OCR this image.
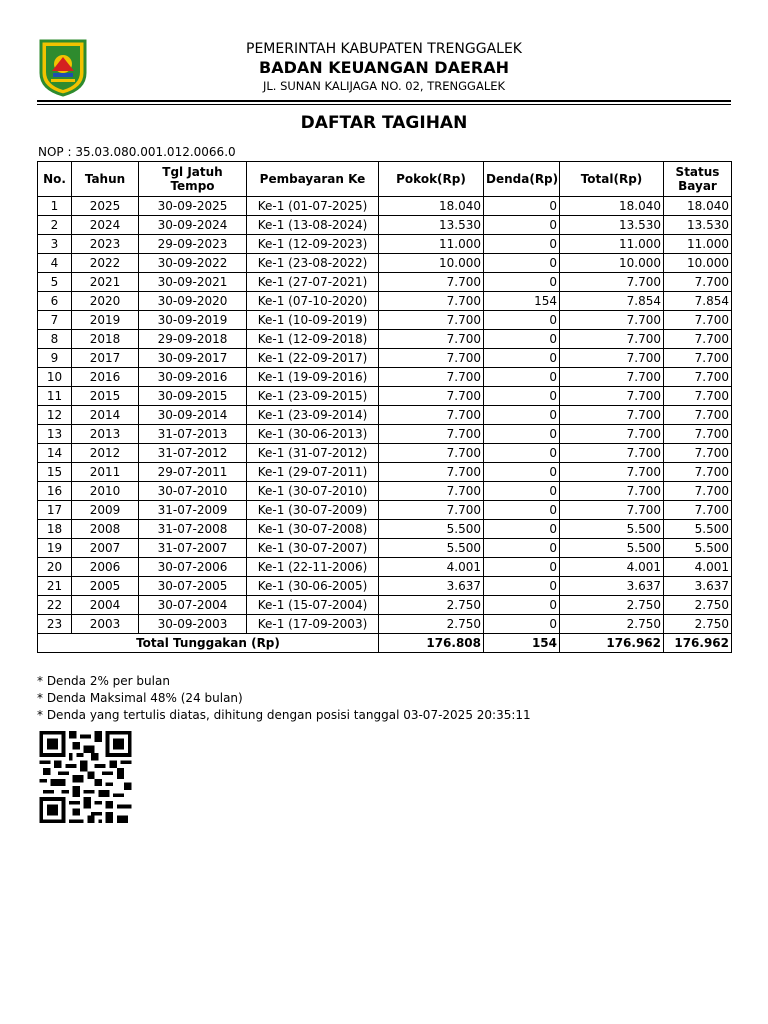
PEMERINTAH KABUPATEN TRENGGALEK
BADAN KEUANGAN DAERAH
JL. SUNAN KALIJAGA NO. 02, TRENGGALEK
DAFTAR TAGIHAN
NOP : 35.03.080.001.012.0066.0
No.	Tahun	Tgl Jatuh Tempo	Pembayaran Ke	Pokok(Rp)	Denda(Rp)	Total(Rp)	Status Bayar
1	2025	30-09-2025	Ke-1 (01-07-2025)	18.040	0	18.040	18.040
2	2024	30-09-2024	Ke-1 (13-08-2024)	13.530	0	13.530	13.530
3	2023	29-09-2023	Ke-1 (12-09-2023)	11.000	0	11.000	11.000
4	2022	30-09-2022	Ke-1 (23-08-2022)	10.000	0	10.000	10.000
5	2021	30-09-2021	Ke-1 (27-07-2021)	7.700	0	7.700	7.700
6	2020	30-09-2020	Ke-1 (07-10-2020)	7.700	154	7.854	7.854
7	2019	30-09-2019	Ke-1 (10-09-2019)	7.700	0	7.700	7.700
8	2018	29-09-2018	Ke-1 (12-09-2018)	7.700	0	7.700	7.700
9	2017	30-09-2017	Ke-1 (22-09-2017)	7.700	0	7.700	7.700
10	2016	30-09-2016	Ke-1 (19-09-2016)	7.700	0	7.700	7.700
11	2015	30-09-2015	Ke-1 (23-09-2015)	7.700	0	7.700	7.700
12	2014	30-09-2014	Ke-1 (23-09-2014)	7.700	0	7.700	7.700
13	2013	31-07-2013	Ke-1 (30-06-2013)	7.700	0	7.700	7.700
14	2012	31-07-2012	Ke-1 (31-07-2012)	7.700	0	7.700	7.700
15	2011	29-07-2011	Ke-1 (29-07-2011)	7.700	0	7.700	7.700
16	2010	30-07-2010	Ke-1 (30-07-2010)	7.700	0	7.700	7.700
17	2009	31-07-2009	Ke-1 (30-07-2009)	7.700	0	7.700	7.700
18	2008	31-07-2008	Ke-1 (30-07-2008)	5.500	0	5.500	5.500
19	2007	31-07-2007	Ke-1 (30-07-2007)	5.500	0	5.500	5.500
20	2006	30-07-2006	Ke-1 (22-11-2006)	4.001	0	4.001	4.001
21	2005	30-07-2005	Ke-1 (30-06-2005)	3.637	0	3.637	3.637
22	2004	30-07-2004	Ke-1 (15-07-2004)	2.750	0	2.750	2.750
23	2003	30-09-2003	Ke-1 (17-09-2003)	2.750	0	2.750	2.750
Total Tunggakan (Rp)				176.808	154	176.962	176.962
* Denda 2% per bulan
* Denda Maksimal 48% (24 bulan)
* Denda yang tertulis diatas, dihitung dengan posisi tanggal 03-07-2025 20:35:11
